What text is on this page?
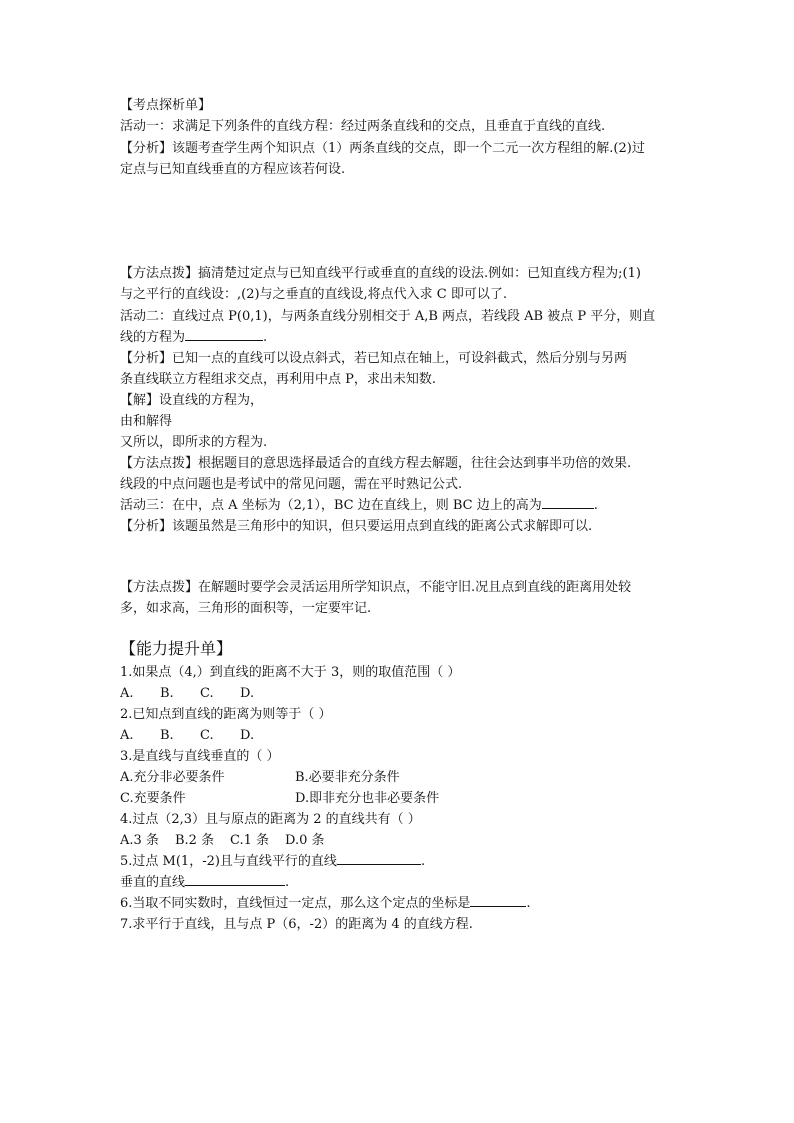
【考点探析单】
活动一：求满足下列条件的直线方程：经过两条直线和的交点，且垂直于直线的直线.
【分析】该题考查学生两个知识点（1）两条直线的交点，即一个二元一次方程组的解.(2)过
定点与已知直线垂直的方程应该若何设.
【方法点拨】搞清楚过定点与已知直线平行或垂直的直线的设法.例如：已知直线方程为;(1)
与之平行的直线设：,(2)与之垂直的直线设,将点代入求 C 即可以了.
活动二：直线过点 P(0,1)，与两条直线分别相交于 A,B 两点，若线段 AB 被点 P 平分，则直
线的方程为	.
【分析】已知一点的直线可以设点斜式，若已知点在轴上，可设斜截式，然后分别与另两
条直线联立方程组求交点，再利用中点 P，求出未知数.
【解】设直线的方程为，
由和解得
又所以，即所求的方程为.
【方法点拨】根据题目的意思选择最适合的直线方程去解题，往往会达到事半功倍的效果.
线段的中点问题也是考试中的常见问题，需在平时熟记公式.
活动三：在中，点 A 坐标为（2,1），BC 边在直线上，则 BC 边上的高为	.
【分析】该题虽然是三角形中的知识，但只要运用点到直线的距离公式求解即可以.
【方法点拨】在解题时要学会灵活运用所学知识点，不能守旧.况且点到直线的距离用处较
多，如求高，三角形的面积等，一定要牢记.
【能力提升单】
1.如果点（4,）到直线的距离不大于 3，则的取值范围（ ）
A. B. C. D.
2.已知点到直线的距离为则等于（ ）
A. B. C. D.
3.是直线与直线垂直的（ ）
A.充分非必要条件	B.必要非充分条件
C.充要条件	D.即非充分也非必要条件
4.过点（2,3）且与原点的距离为 2 的直线共有（ ）
A.3 条 B.2 条 C.1 条 D.0 条
5.过点 M(1，-2)且与直线平行的直线	.
垂直的直线	.
6.当取不同实数时，直线恒过一定点，那么这个定点的坐标是	.
7.求平行于直线，且与点 P（6，-2）的距离为 4 的直线方程.
